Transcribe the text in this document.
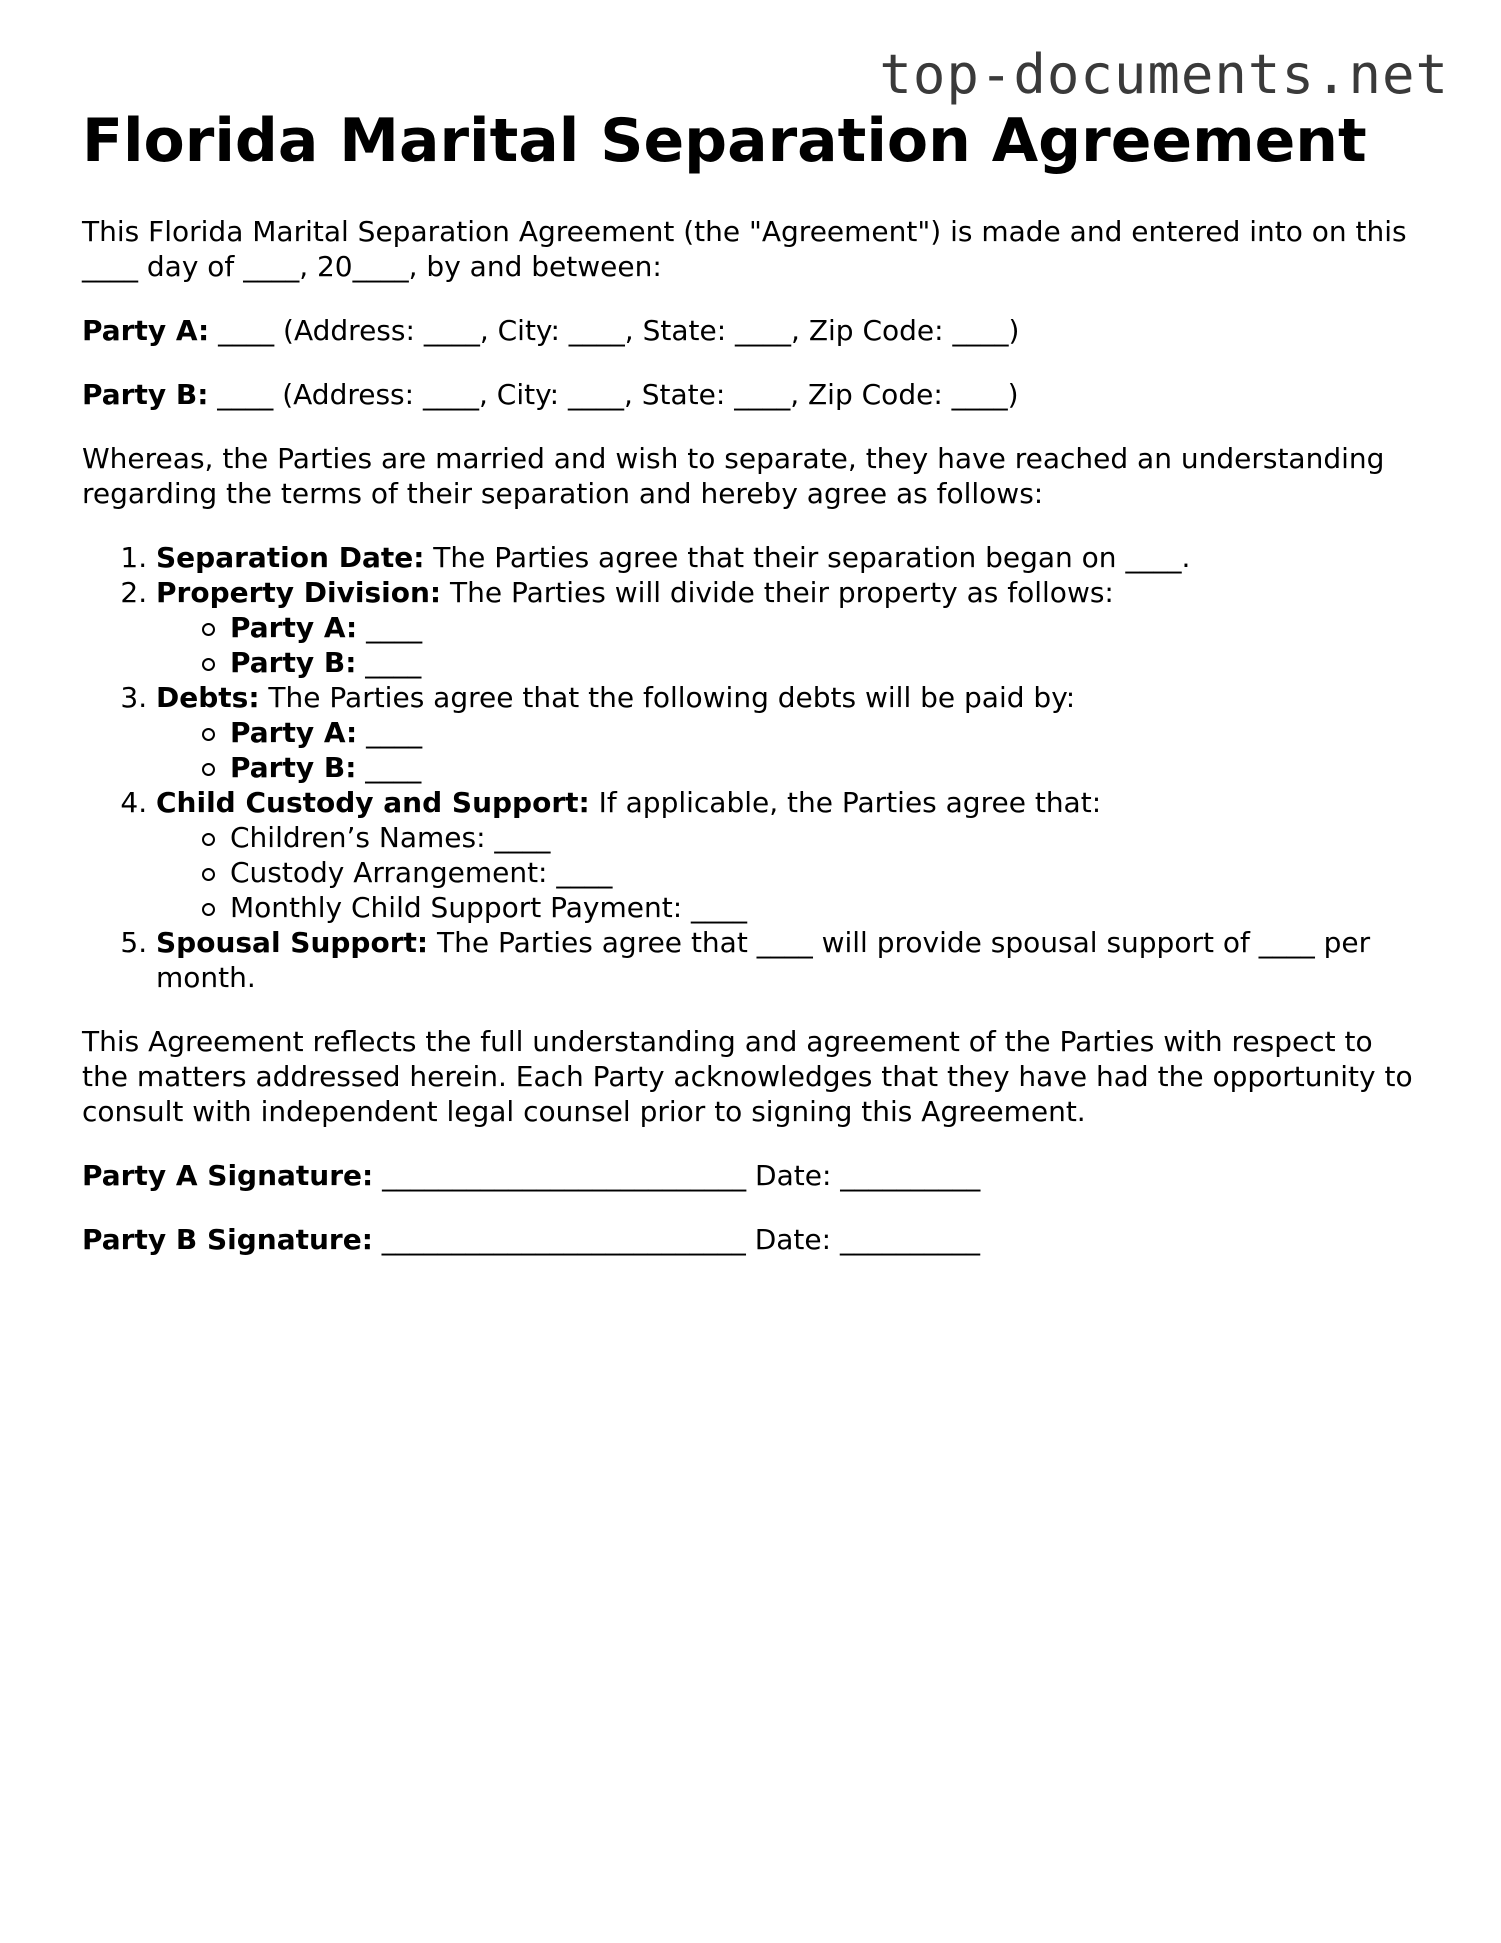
top-documents.net
Florida Marital Separation Agreement

This Florida Marital Separation Agreement (the "Agreement") is made and entered into on this ____ day of ____, 20____, by and between:

Party A: ____ (Address: ____, City: ____, State: ____, Zip Code: ____)

Party B: ____ (Address: ____, City: ____, State: ____, Zip Code: ____)

Whereas, the Parties are married and wish to separate, they have reached an understanding regarding the terms of their separation and hereby agree as follows:

1. Separation Date: The Parties agree that their separation began on ____.
2. Property Division: The Parties will divide their property as follows:
Party A: ____
Party B: ____
3. Debts: The Parties agree that the following debts will be paid by:
Party A: ____
Party B: ____
4. Child Custody and Support: If applicable, the Parties agree that:
Children’s Names: ____
Custody Arrangement: ____
Monthly Child Support Payment: ____
5. Spousal Support: The Parties agree that ____ will provide spousal support of ____ per month.

This Agreement reflects the full understanding and agreement of the Parties with respect to the matters addressed herein. Each Party acknowledges that they have had the opportunity to consult with independent legal counsel prior to signing this Agreement.

Party A Signature: __________________________ Date: __________
Party B Signature: __________________________ Date: __________
